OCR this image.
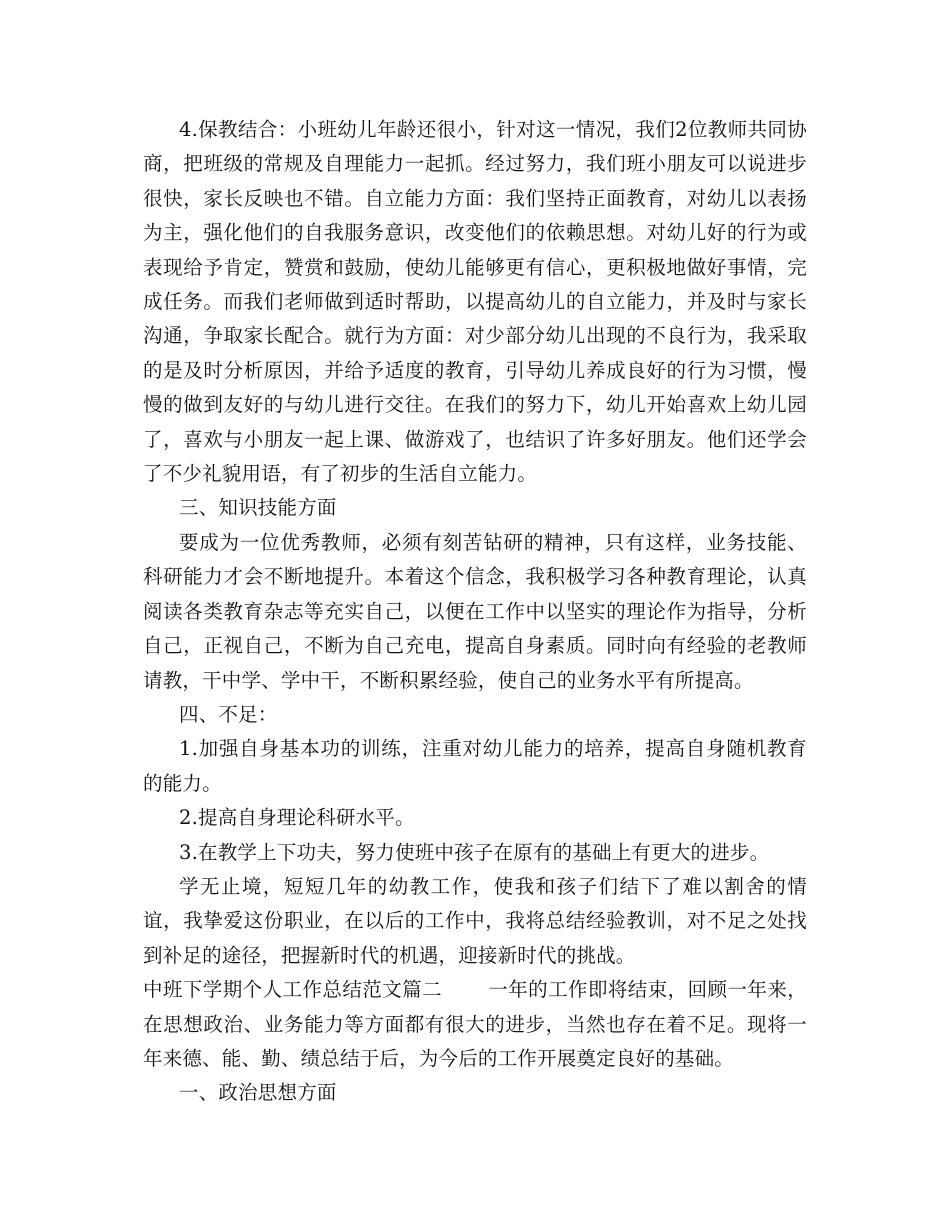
4.保教结合：小班幼儿年龄还很小，针对这一情况，我们2位教师共同协商，把班级的常规及自理能力一起抓。经过努力，我们班小朋友可以说进步很快，家长反映也不错。自立能力方面：我们坚持正面教育，对幼儿以表扬为主，强化他们的自我服务意识，改变他们的依赖思想。对幼儿好的行为或表现给予肯定，赞赏和鼓励，使幼儿能够更有信心，更积极地做好事情，完成任务。而我们老师做到适时帮助，以提高幼儿的自立能力，并及时与家长沟通，争取家长配合。就行为方面：对少部分幼儿出现的不良行为，我采取的是及时分析原因，并给予适度的教育，引导幼儿养成良好的行为习惯，慢慢的做到友好的与幼儿进行交往。在我们的努力下，幼儿开始喜欢上幼儿园了，喜欢与小朋友一起上课、做游戏了，也结识了许多好朋友。他们还学会了不少礼貌用语，有了初步的生活自立能力。

三、知识技能方面

要成为一位优秀教师，必须有刻苦钻研的精神，只有这样，业务技能、科研能力才会不断地提升。本着这个信念，我积极学习各种教育理论，认真阅读各类教育杂志等充实自己，以便在工作中以坚实的理论作为指导，分析自己，正视自己，不断为自己充电，提高自身素质。同时向有经验的老教师请教，干中学、学中干，不断积累经验，使自己的业务水平有所提高。

四、不足：

1.加强自身基本功的训练，注重对幼儿能力的培养，提高自身随机教育的能力。

2.提高自身理论科研水平。

3.在教学上下功夫，努力使班中孩子在原有的基础上有更大的进步。

学无止境，短短几年的幼教工作，使我和孩子们结下了难以割舍的情谊，我挚爱这份职业，在以后的工作中，我将总结经验教训，对不足之处找到补足的途径，把握新时代的机遇，迎接新时代的挑战。

中班下学期个人工作总结范文篇二 一年的工作即将结束，回顾一年来，在思想政治、业务能力等方面都有很大的进步，当然也存在着不足。现将一年来德、能、勤、绩总结于后，为今后的工作开展奠定良好的基础。

一、政治思想方面
